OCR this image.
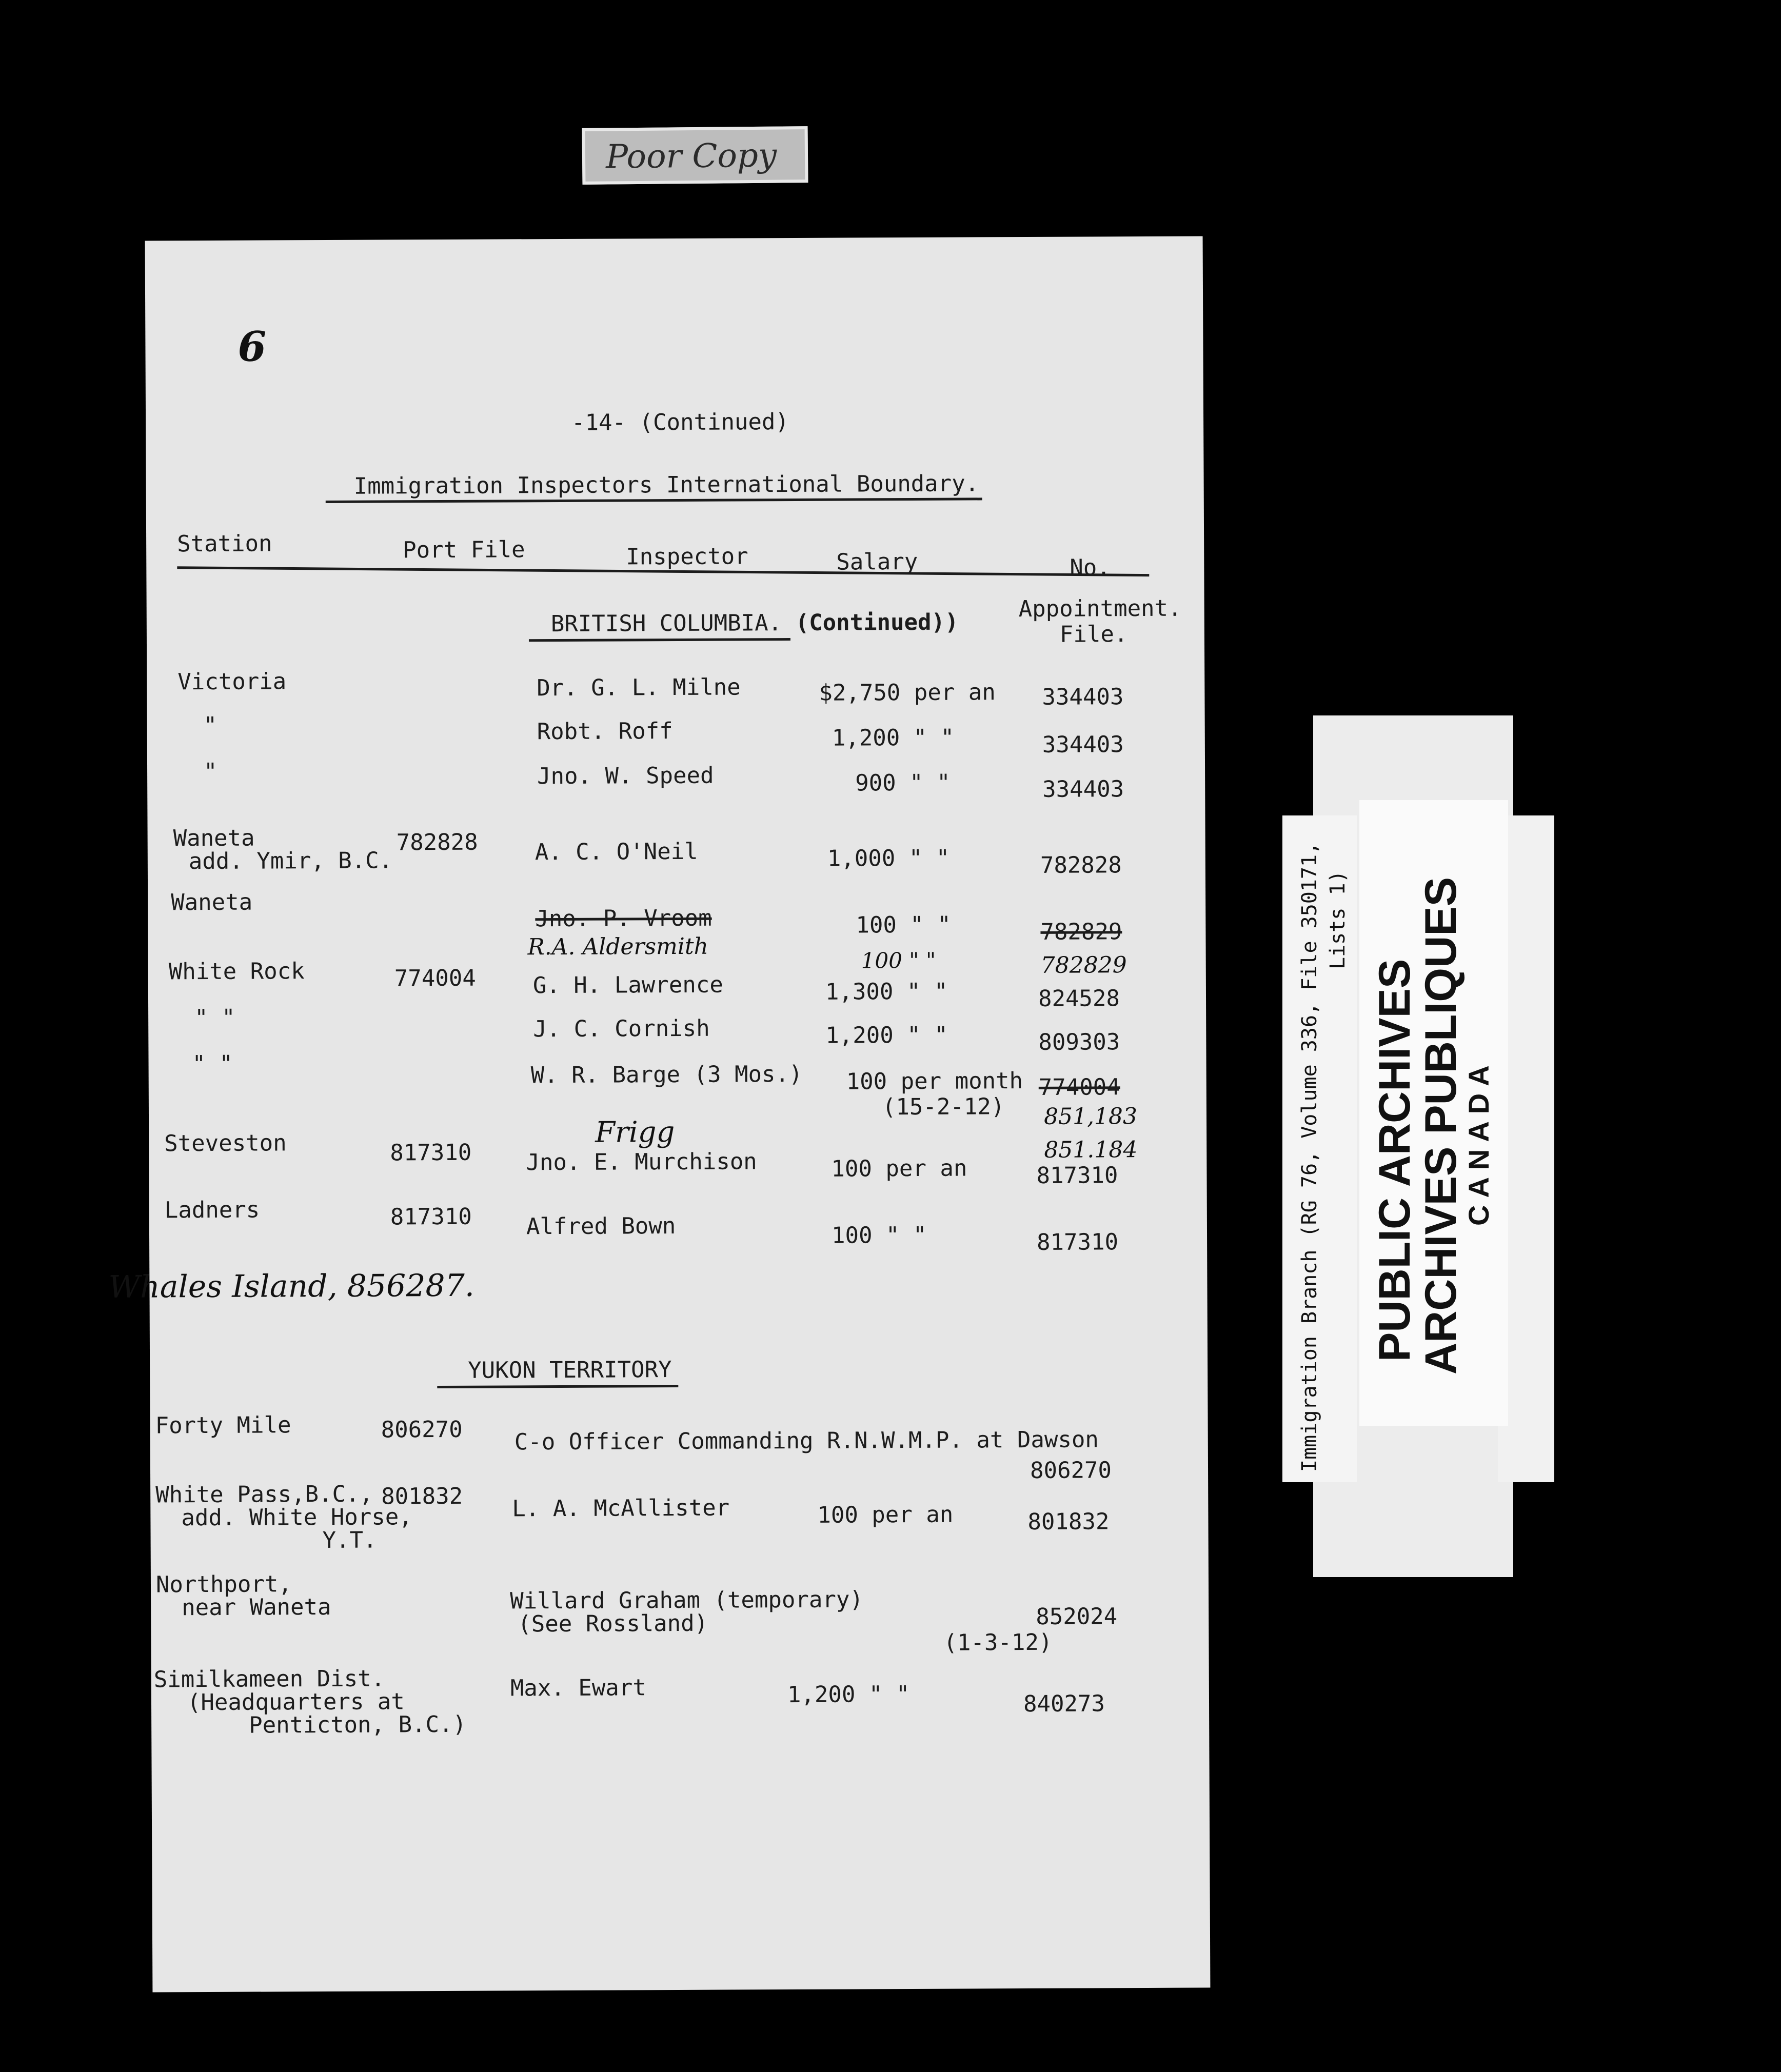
Poor Copy
6
-14- (Continued)
Immigration Inspectors International Boundary.
Station	Port File	Inspector	Salary	No.
BRITISH COLUMBIA. (Continued))
Appointment.
File.
Victoria	Dr. G. L. Milne	$2,750 per an 334403
"	Robt. Roff	1,200 " "	334403
"	Jno. W. Speed	900 " "	334403
Waneta
add. Ymir, B.C.
782828	A. C. O'Neil	1,000 " "	782828
Waneta
Jno. P. Vroom	100 " "	782829
R.A. Aldersmith
100 " "	782829
White Rock	774004	G. H. Lawrence	1,300 " "	824528
" "	J. C. Cornish	1,200 " "	809303
" "	W. R. Barge (3 Mos.) 100 per month
(15-2-12)
774004
Frigg	851,183
851.184
Steveston	817310 Jno. E. Murchison	100 per an	817310
Ladners	817310 Alfred Bown	100 " "	817310
Whales Island, 856287.
YUKON TERRITORY
Forty Mile	806270 C-o Officer Commanding R.N.W.M.P. at Dawson
806270
White Pass,B.C.,
add. White Horse,
Y.T.
801832 L. A. McAllister	100 per an	801832
Northport,
near Waneta	Willard Graham (temporary)
(See Rossland)	852024
(1-3-12)
Similkameen Dist.
(Headquarters at
Penticton, B.C.)
Max. Ewart	1,200 " "	840273
Immigration Branch (RG 76, Volume 336, File 350171, Lists 1)
PUBLIC ARCHIVES
ARCHIVES PUBLIQUES
CANADA
